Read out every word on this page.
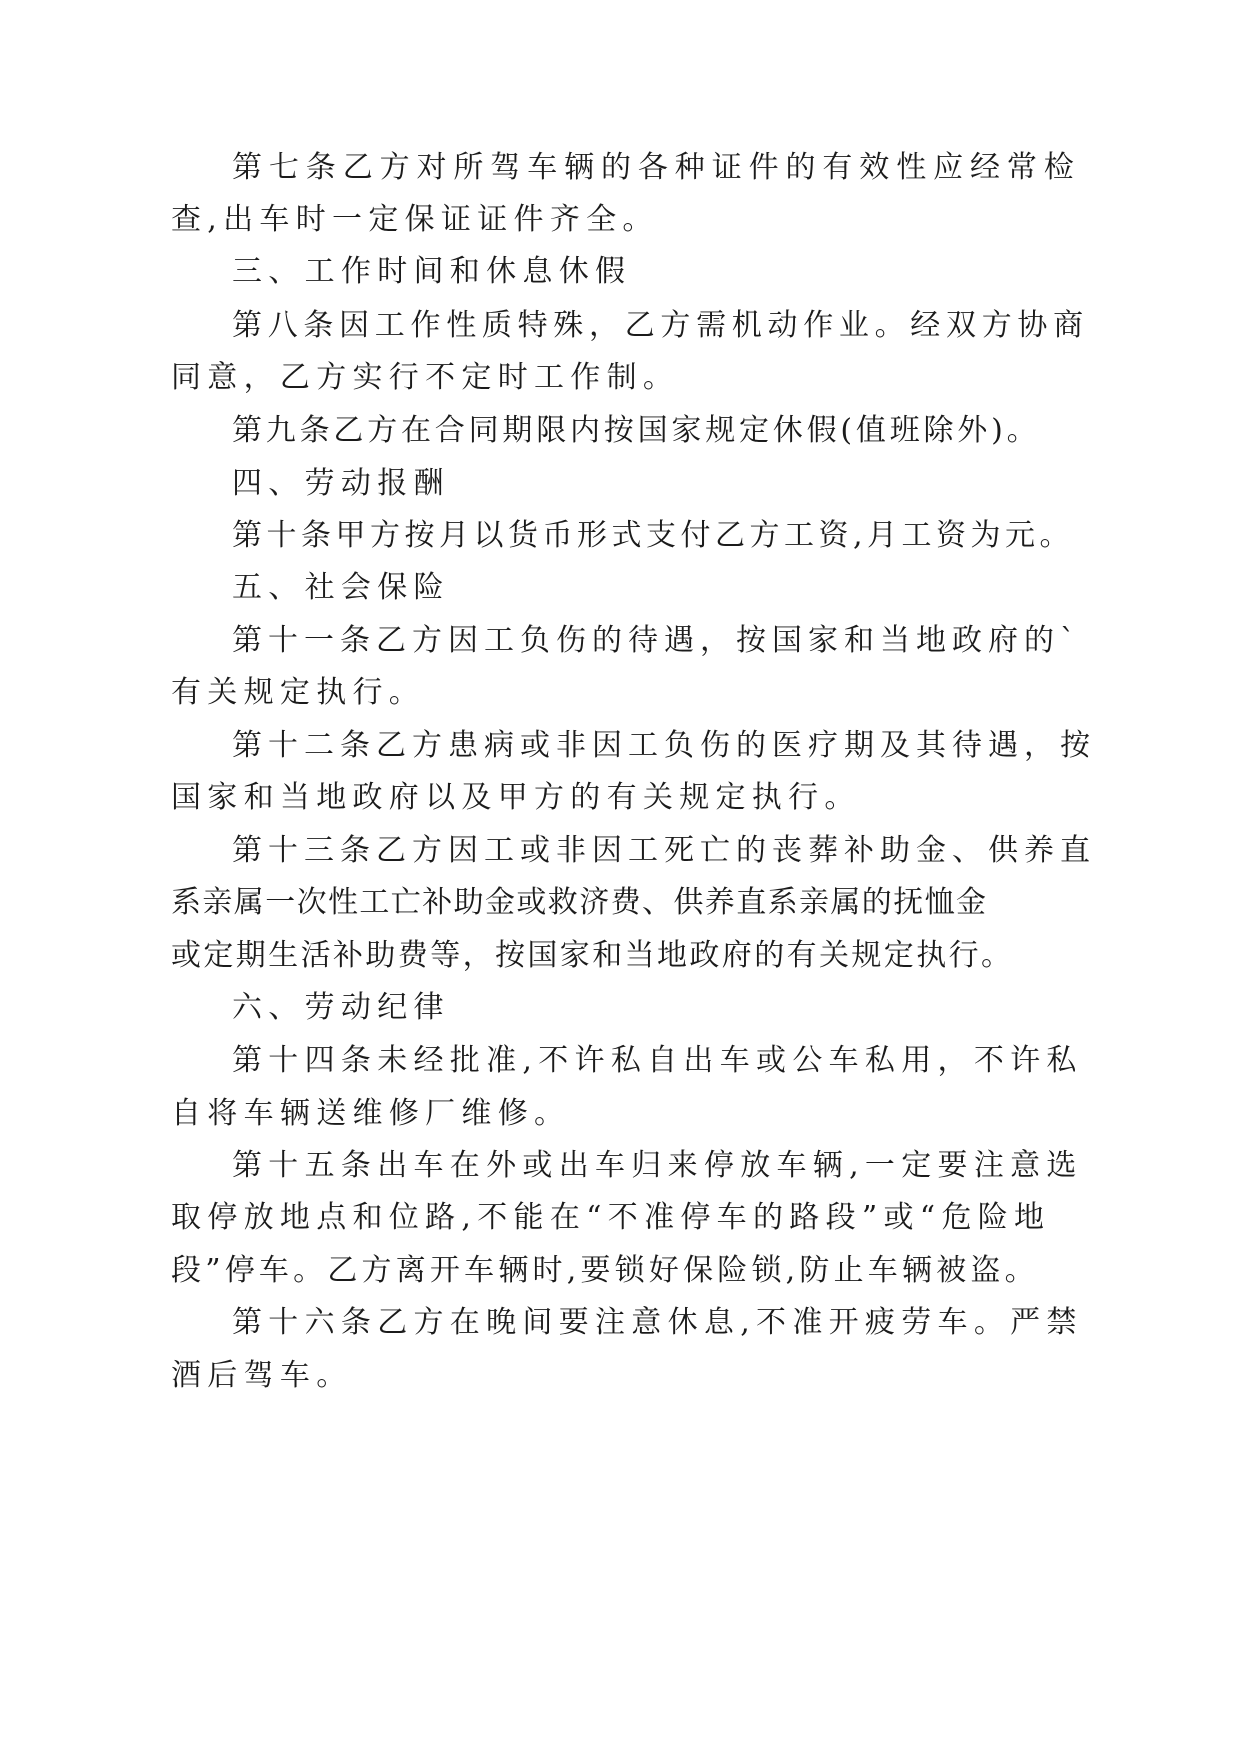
第七条乙方对所驾车辆的各种证件的有效性应经常检

查,出车时一定保证证件齐全。

三、工作时间和休息休假

第八条因工作性质特殊，乙方需机动作业。经双方协商

同意，乙方实行不定时工作制。

第九条乙方在合同期限内按国家规定休假(值班除外)。

四、劳动报酬

第十条甲方按月以货币形式支付乙方工资,月工资为元。

五、社会保险

第十一条乙方因工负伤的待遇，按国家和当地政府的`

有关规定执行。

第十二条乙方患病或非因工负伤的医疗期及其待遇，按

国家和当地政府以及甲方的有关规定执行。

第十三条乙方因工或非因工死亡的丧葬补助金、供养直

系亲属一次性工亡补助金或救济费、供养直系亲属的抚恤金

或定期生活补助费等，按国家和当地政府的有关规定执行。

六、劳动纪律

第十四条未经批准,不许私自出车或公车私用，不许私

自将车辆送维修厂维修。

第十五条出车在外或出车归来停放车辆,一定要注意选

取停放地点和位路,不能在“不准停车的路段”或“危险地

段”停车。乙方离开车辆时,要锁好保险锁,防止车辆被盗。

第十六条乙方在晚间要注意休息,不准开疲劳车。严禁

酒后驾车。
